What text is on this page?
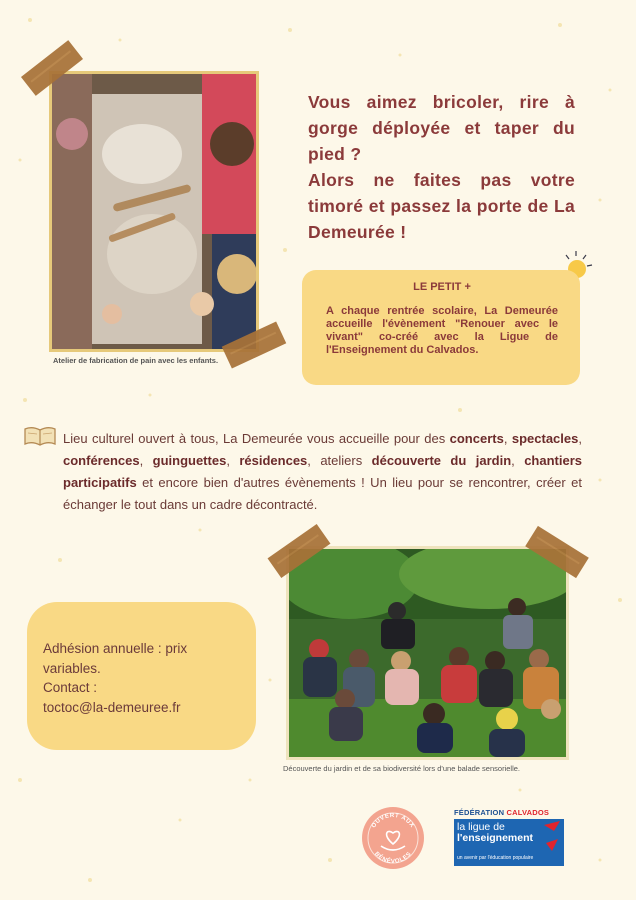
Atelier de fabrication de pain avec les enfants.
Vous aimez bricoler, rire à gorge déployée et taper du pied ?
Alors ne faites pas votre timoré et passez la porte de La Demeurée !
LE PETIT +
A chaque rentrée scolaire, La Demeurée accueille l'évènement "Renouer avec le vivant" co-créé avec la Ligue de l'Enseignement du Calvados.
Lieu culturel ouvert à tous, La Demeurée vous accueille pour des concerts, spectacles, conférences, guinguettes, résidences, ateliers découverte du jardin, chantiers participatifs et encore bien d'autres évènements ! Un lieu pour se rencontrer, créer et échanger le tout dans un cadre décontracté.
Découverte du jardin et de sa biodiversité lors d'une balade sensorielle.
Adhésion annuelle : prix variables.
Contact :
toctoc@la-demeuree.fr
OUVERT AUX
BÉNÉVOLES
FÉDÉRATION CALVADOS
la ligue de
l'enseignement
un avenir par l'éducation populaire
